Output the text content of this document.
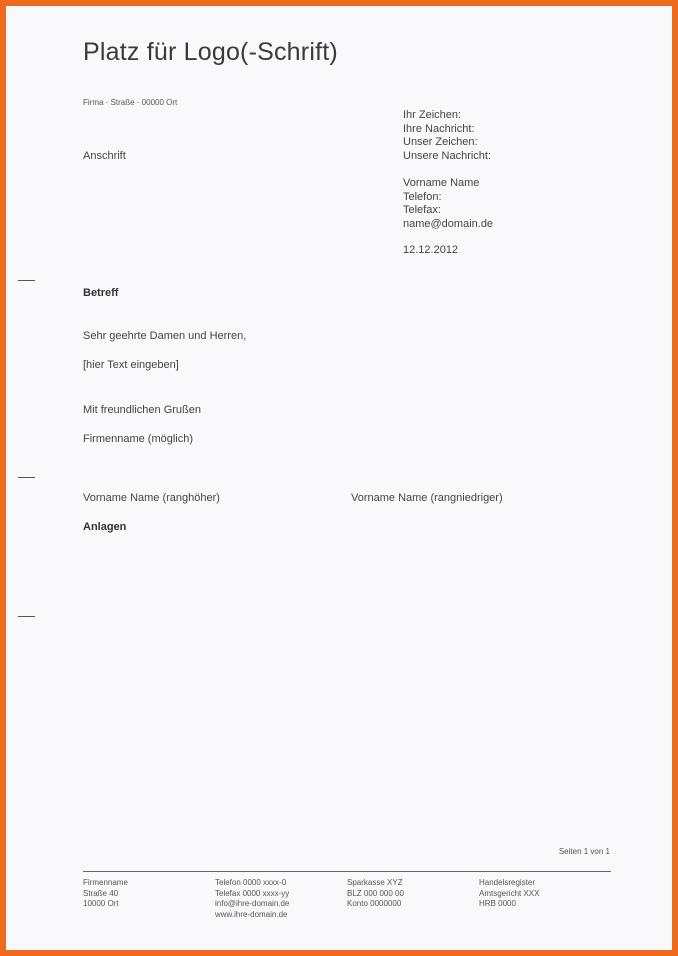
Platz für Logo(-Schrift)
Firma · Straße · 00000 Ort
Anschrift
Ihr Zeichen:
Ihre Nachricht:
Unser Zeichen:
Unsere Nachricht:
Vorname Name
Telefon:
Telefax:
name@domain.de
12.12.2012
Betreff
Sehr geehrte Damen und Herren,
[hier Text eingeben]
Mit freundlichen Grußen
Firmenname (möglich)
Vorname Name (ranghöher)	Vorname Name (rangniedriger)
Anlagen
Seiten 1 von 1
Firmenname
Straße 40
10000 Ort
Telefon 0000 xxxx-0
Telefax 0000 xxxx-yy
info@ihre-domain.de
www.ihre-domain.de
Sparkasse XYZ
BLZ 000 000 00
Konto 0000000
Handelsregister
Amtsgericht XXX
HRB 0000
